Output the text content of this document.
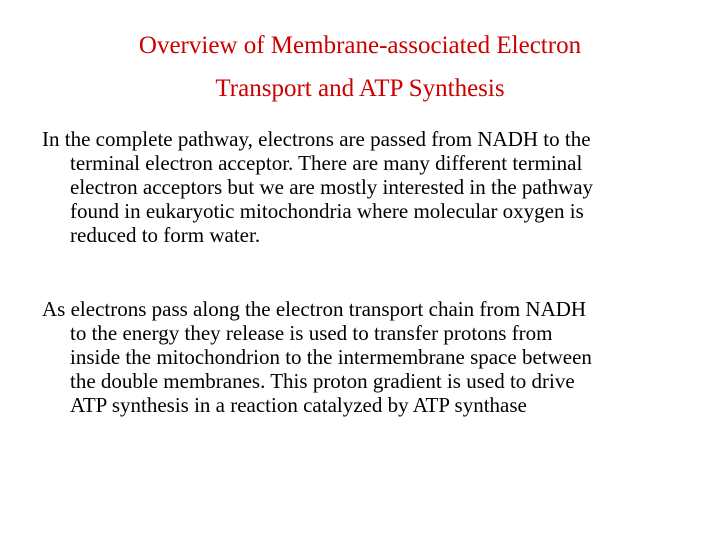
Overview of Membrane-associated Electron
Transport and ATP Synthesis
In the complete pathway, electrons are passed from NADH to the
terminal electron acceptor. There are many different terminal
electron acceptors but we are mostly interested in the pathway
found in eukaryotic mitochondria where molecular oxygen is
reduced to form water.
As electrons pass along the electron transport chain from NADH
to the energy they release is used to transfer protons from
inside the mitochondrion to the intermembrane space between
the double membranes. This proton gradient is used to drive
ATP synthesis in a reaction catalyzed by ATP synthase
